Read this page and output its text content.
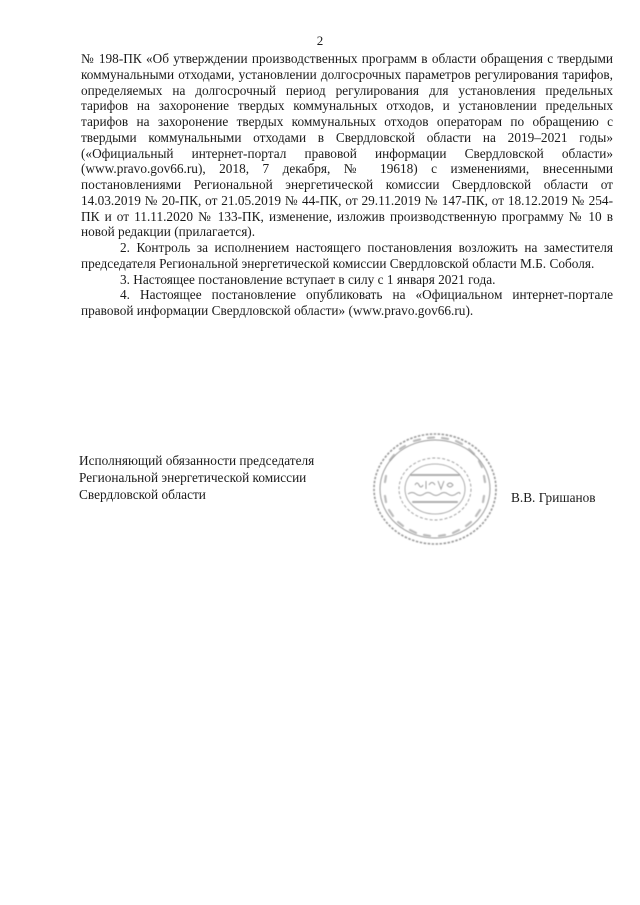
2

№ 198-ПК «Об утверждении производственных программ в области обращения с твердыми коммунальными отходами, установлении долгосрочных параметров регулирования тарифов, определяемых на долгосрочный период регулирования для установления предельных тарифов на захоронение твердых коммунальных отходов, и установлении предельных тарифов на захоронение твердых коммунальных отходов операторам по обращению с твердыми коммунальными отходами в Свердловской области на 2019–2021 годы» («Официальный интернет-портал правовой информации Свердловской области» (www.pravo.gov66.ru), 2018, 7 декабря, № 19618) с изменениями, внесенными постановлениями Региональной энергетической комиссии Свердловской области от 14.03.2019 № 20-ПК, от 21.05.2019 № 44-ПК, от 29.11.2019 № 147-ПК, от 18.12.2019 № 254-ПК и от 11.11.2020 № 133-ПК, изменение, изложив производственную программу № 10 в новой редакции (прилагается).

2. Контроль за исполнением настоящего постановления возложить на заместителя председателя Региональной энергетической комиссии Свердловской области М.Б. Соболя.

3. Настоящее постановление вступает в силу с 1 января 2021 года.

4. Настоящее постановление опубликовать на «Официальном интернет-портале правовой информации Свердловской области» (www.pravo.gov66.ru).

Исполняющий обязанности председателя
Региональной энергетической комиссии
Свердловской области	В.В. Гришанов
